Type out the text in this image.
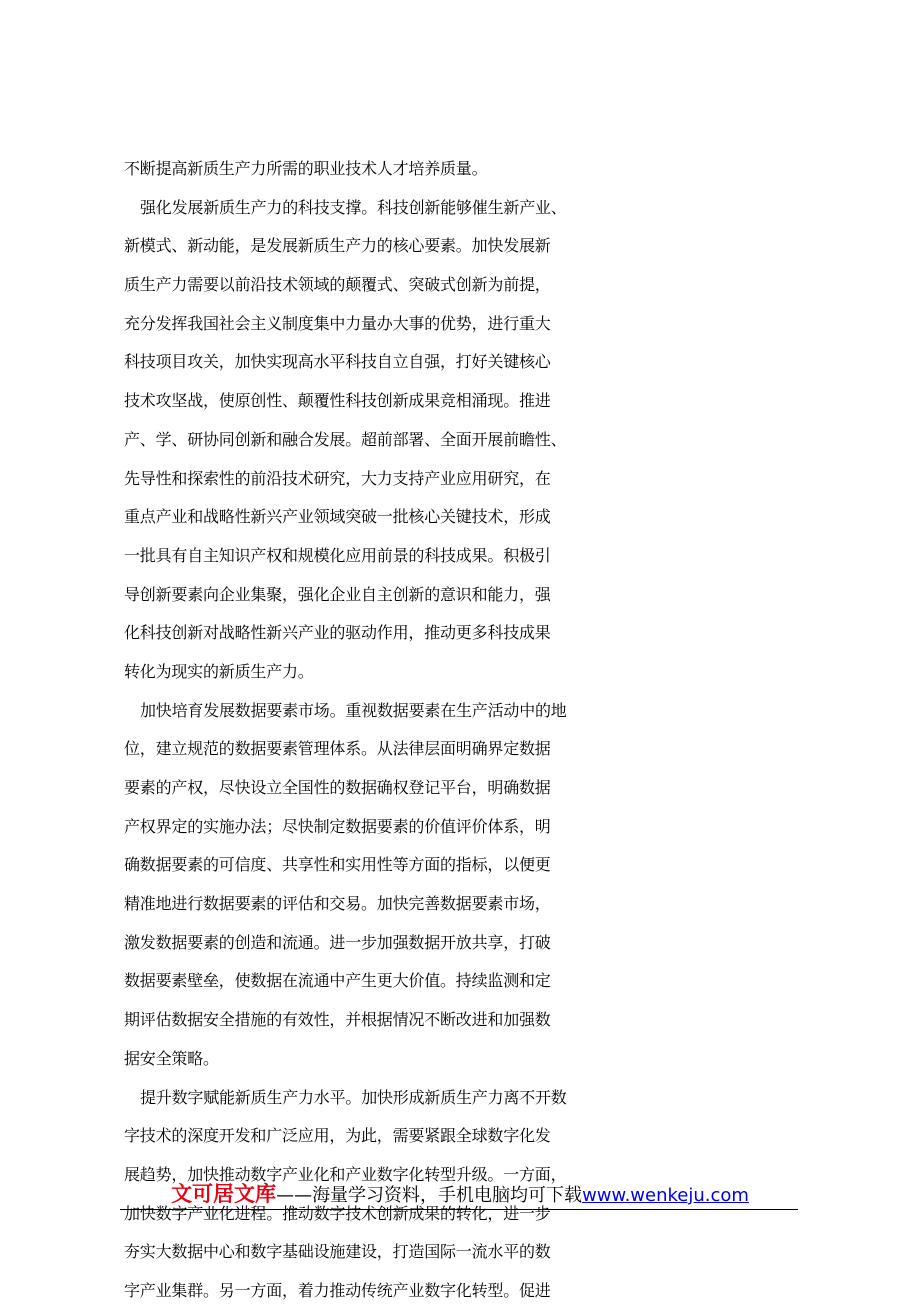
不断提高新质生产力所需的职业技术人才培养质量。
强化发展新质生产力的科技支撑。科技创新能够催生新产业、
新模式、新动能，是发展新质生产力的核心要素。加快发展新
质生产力需要以前沿技术领域的颠覆式、突破式创新为前提，
充分发挥我国社会主义制度集中力量办大事的优势，进行重大
科技项目攻关，加快实现高水平科技自立自强，打好关键核心
技术攻坚战，使原创性、颠覆性科技创新成果竞相涌现。推进
产、学、研协同创新和融合发展。超前部署、全面开展前瞻性、
先导性和探索性的前沿技术研究，大力支持产业应用研究，在
重点产业和战略性新兴产业领域突破一批核心关键技术，形成
一批具有自主知识产权和规模化应用前景的科技成果。积极引
导创新要素向企业集聚，强化企业自主创新的意识和能力，强
化科技创新对战略性新兴产业的驱动作用，推动更多科技成果
转化为现实的新质生产力。
加快培育发展数据要素市场。重视数据要素在生产活动中的地
位，建立规范的数据要素管理体系。从法律层面明确界定数据
要素的产权，尽快设立全国性的数据确权登记平台，明确数据
产权界定的实施办法；尽快制定数据要素的价值评价体系，明
确数据要素的可信度、共享性和实用性等方面的指标，以便更
精准地进行数据要素的评估和交易。加快完善数据要素市场，
激发数据要素的创造和流通。进一步加强数据开放共享，打破
数据要素壁垒，使数据在流通中产生更大价值。持续监测和定
期评估数据安全措施的有效性，并根据情况不断改进和加强数
据安全策略。
提升数字赋能新质生产力水平。加快形成新质生产力离不开数
字技术的深度开发和广泛应用，为此，需要紧跟全球数字化发
展趋势，加快推动数字产业化和产业数字化转型升级。一方面，
加快数字产业化进程。推动数字技术创新成果的转化，进一步
夯实大数据中心和数字基础设施建设，打造国际一流水平的数
字产业集群。另一方面，着力推动传统产业数字化转型。促进
文可居文库——海量学习资料，手机电脑均可下载www.wenkeju.com
